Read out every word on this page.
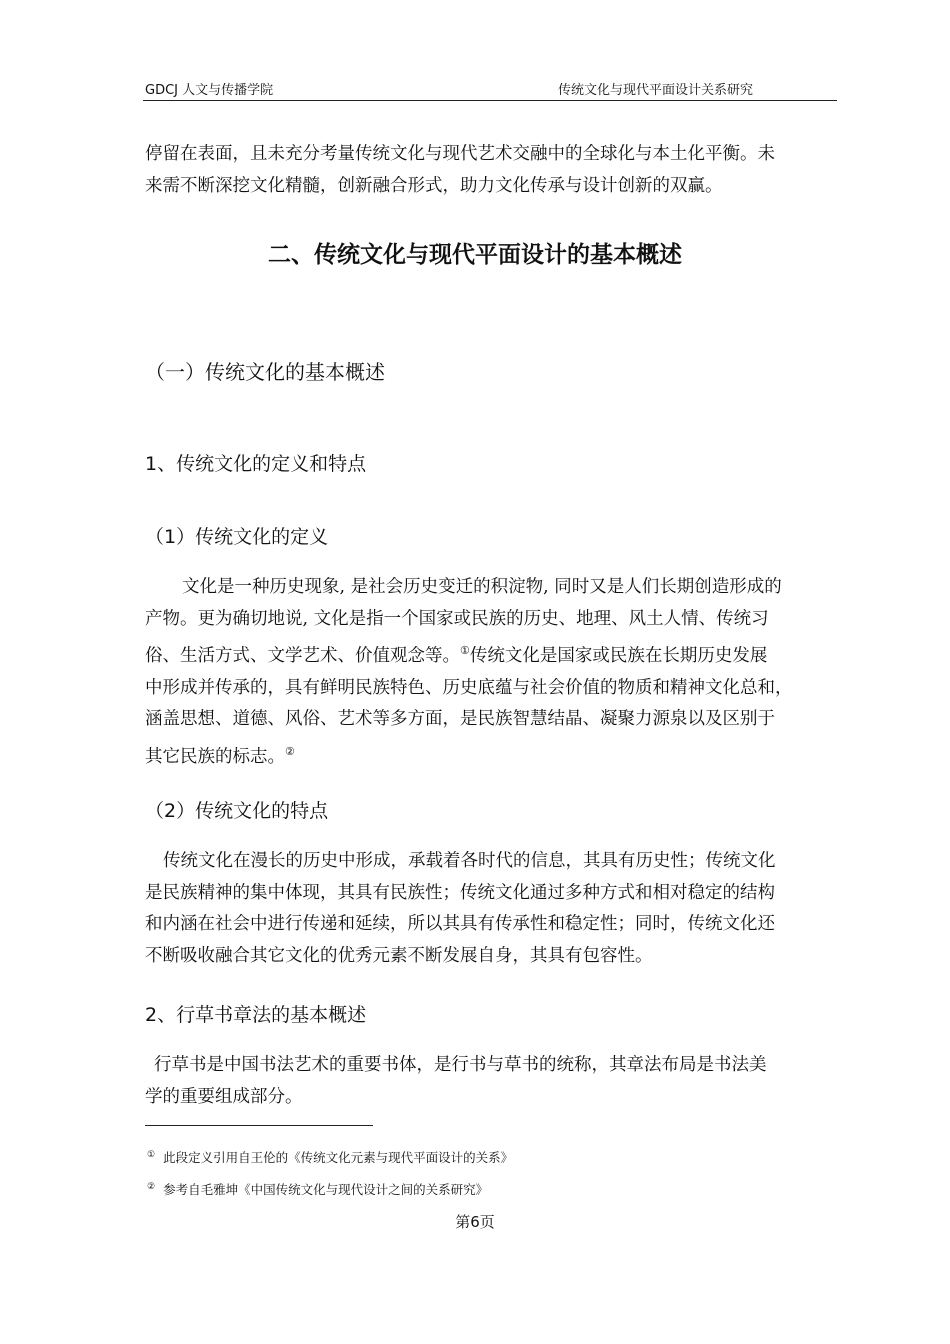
GDCJ 人文与传播学院	传统文化与现代平面设计关系研究
停留在表面，且未充分考量传统文化与现代艺术交融中的全球化与本土化平衡。未
来需不断深挖文化精髓，创新融合形式，助力文化传承与设计创新的双赢。
二、传统文化与现代平面设计的基本概述
（一）传统文化的基本概述
1、传统文化的定义和特点
（1）传统文化的定义
文化是一种历史现象, 是社会历史变迁的积淀物, 同时又是人们长期创造形成的
产物。更为确切地说, 文化是指一个国家或民族的历史、地理、风土人情、传统习
俗、生活方式、文学艺术、价值观念等。①传统文化是国家或民族在长期历史发展
中形成并传承的，具有鲜明民族特色、历史底蕴与社会价值的物质和精神文化总和，
涵盖思想、道德、风俗、艺术等多方面，是民族智慧结晶、凝聚力源泉以及区别于
其它民族的标志。②
（2）传统文化的特点
传统文化在漫长的历史中形成，承载着各时代的信息，其具有历史性；传统文化
是民族精神的集中体现，其具有民族性；传统文化通过多种方式和相对稳定的结构
和内涵在社会中进行传递和延续，所以其具有传承性和稳定性；同时，传统文化还
不断吸收融合其它文化的优秀元素不断发展自身，其具有包容性。
2、行草书章法的基本概述
行草书是中国书法艺术的重要书体，是行书与草书的统称，其章法布局是书法美
学的重要组成部分。
① 此段定义引用自王伦的《传统文化元素与现代平面设计的关系》
② 参考自毛雅坤《中国传统文化与现代设计之间的关系研究》
第6页
